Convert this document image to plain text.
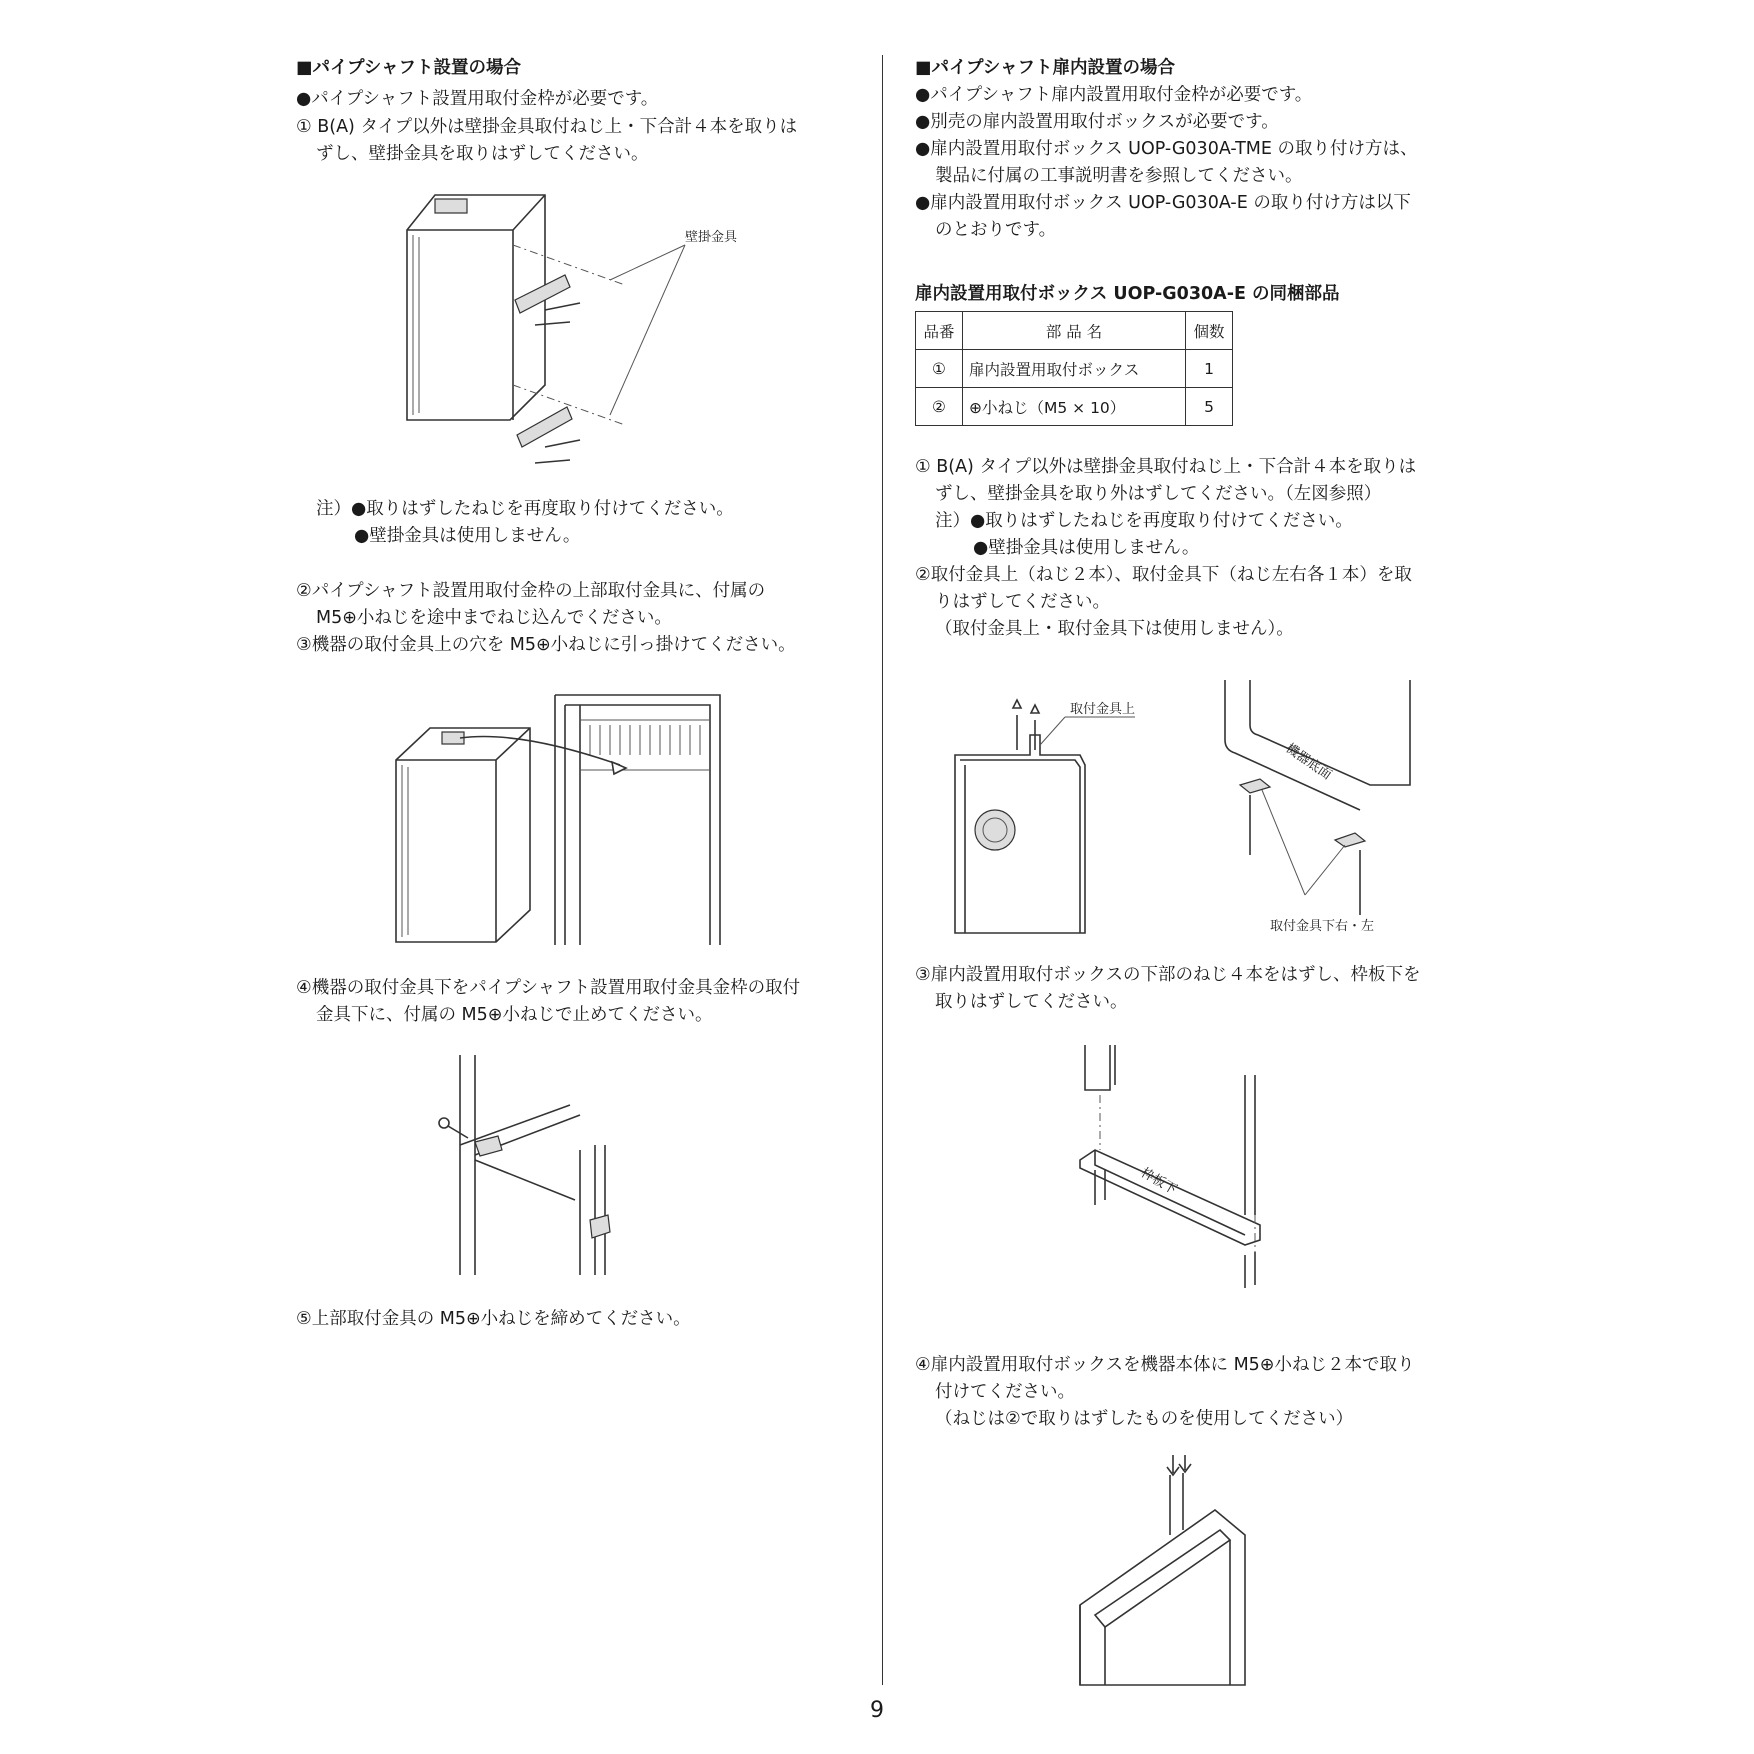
■パイプシャフト設置の場合
●パイプシャフト設置用取付金枠が必要です。
① B(A) タイプ以外は壁掛金具取付ねじ上・下合計４本を取りは
ずし、壁掛金具を取りはずしてください。
壁掛金具
注）●取りはずしたねじを再度取り付けてください。
●壁掛金具は使用しません。
②パイプシャフト設置用取付金枠の上部取付金具に、付属の
M5⊕小ねじを途中までねじ込んでください。
③機器の取付金具上の穴を M5⊕小ねじに引っ掛けてください。
④機器の取付金具下をパイプシャフト設置用取付金具金枠の取付
金具下に、付属の M5⊕小ねじで止めてください。
⑤上部取付金具の M5⊕小ねじを締めてください。
■パイプシャフト扉内設置の場合
●パイプシャフト扉内設置用取付金枠が必要です。
●別売の扉内設置用取付ボックスが必要です。
●扉内設置用取付ボックス UOP-G030A-TME の取り付け方は、
製品に付属の工事説明書を参照してください。
●扉内設置用取付ボックス UOP-G030A-E の取り付け方は以下
のとおりです。
扉内設置用取付ボックス UOP-G030A-E の同梱部品
品番	部 品 名	個数
①	扉内設置用取付ボックス	1
②	⊕小ねじ（M5 × 10）	5
① B(A) タイプ以外は壁掛金具取付ねじ上・下合計４本を取りは
ずし、壁掛金具を取り外はずしてください。（左図参照）
注）●取りはずしたねじを再度取り付けてください。
●壁掛金具は使用しません。
②取付金具上（ねじ２本）、取付金具下（ねじ左右各１本）を取
りはずしてください。
（取付金具上・取付金具下は使用しません）。
取付金具上
取付金具下右・左
機器底面
③扉内設置用取付ボックスの下部のねじ４本をはずし、枠板下を
取りはずしてください。
枠板下
④扉内設置用取付ボックスを機器本体に M5⊕小ねじ２本で取り
付けてください。
（ねじは②で取りはずしたものを使用してください）
9
